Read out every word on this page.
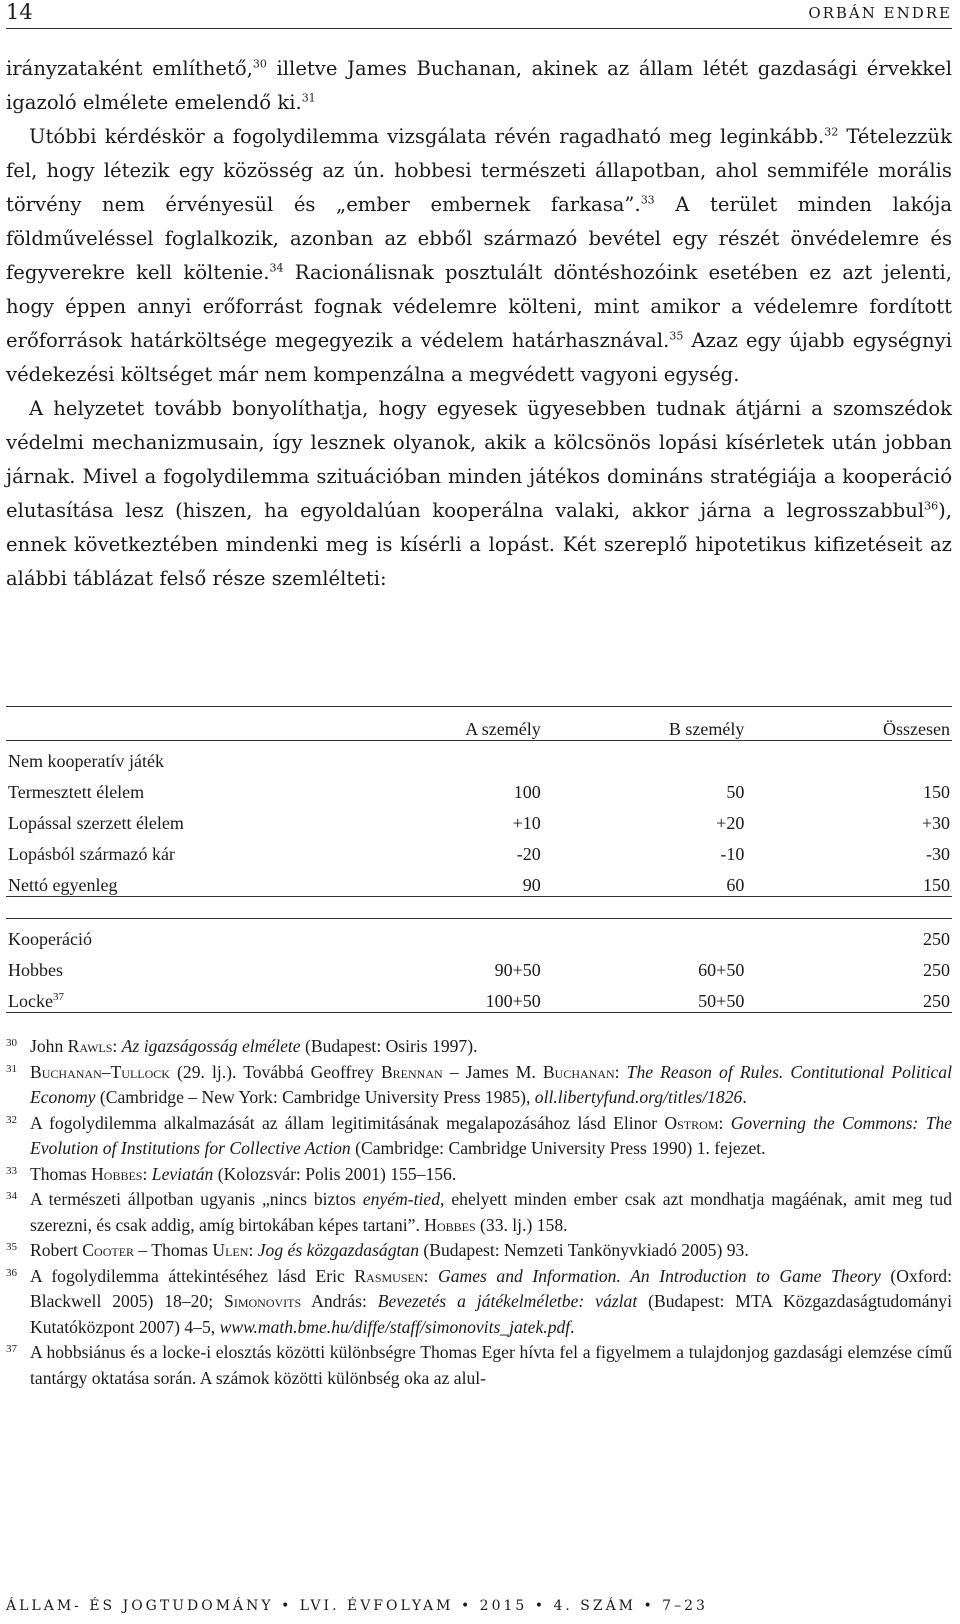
14	ORBÁN ENDRE

irányzataként említhető,$^{30}$ illetve James Buchanan, akinek az állam létét gazdasági érvekkel igazoló elmélete emelendő ki.$^{31}$

Utóbbi kérdéskör a fogolydilemma vizsgálata révén ragadható meg leginkább.$^{32}$ Tételezzük fel, hogy létezik egy közösség az ún. hobbesi természeti állapotban, ahol semmiféle morális törvény nem érvényesül és „ember embernek farkasa”.$^{33}$ A terület minden lakója földműveléssel foglalkozik, azonban az ebből származó bevétel egy részét önvédelemre és fegyverekre kell költenie.$^{34}$ Racionálisnak posztulált döntéshozóink esetében ez azt jelenti, hogy éppen annyi erőforrást fognak védelemre költeni, mint amikor a védelemre fordított erőforrások határköltsége megegyezik a védelem határhasznával.$^{35}$ Azaz egy újabb egységnyi védekezési költséget már nem kompenzálna a megvédett vagyoni egység.

A helyzetet tovább bonyolíthatja, hogy egyesek ügyesebben tudnak átjárni a szomszédok védelmi mechanizmusain, így lesznek olyanok, akik a kölcsönös lopási kísérletek után jobban járnak. Mivel a fogolydilemma szituációban minden játékos domináns stratégiája a kooperáció elutasítása lesz (hiszen, ha egyoldalúan kooperálna valaki, akkor járna a legrosszabbul$^{36}$), ennek következtében mindenki meg is kísérli a lopást. Két szereplő hipotetikus kifizetéseit az alábbi táblázat felső része szemlélteti:

	A személy	B személy	Összesen
Nem kooperatív játék			
Termesztett élelem	100	50	150
Lopással szerzett élelem	+10	+20	+30
Lopásból származó kár	-20	-10	-30
Nettó egyenleg	90	60	150

Kooperáció			250
Hobbes	90+50	60+50	250
Locke$^{37}$	100+50	50+50	250
30 John Rawls: Az igazságosság elmélete (Budapest: Osiris 1997).
31 Buchanan–Tullock (29. lj.). Továbbá Geoffrey Brennan – James M. Buchanan: The Reason of Rules. Contitutional Political Economy (Cambridge – New York: Cambridge University Press 1985), oll.libertyfund.org/titles/1826.
32 A fogolydilemma alkalmazását az állam legitimitásának megalapozásához lásd Elinor Ostrom: Governing the Commons: The Evolution of Institutions for Collective Action (Cambridge: Cambridge University Press 1990) 1. fejezet.
33 Thomas Hobbes: Leviatán (Kolozsvár: Polis 2001) 155–156.
34 A természeti állpotban ugyanis „nincs biztos enyém-tied, ehelyett minden ember csak azt mondhatja magáénak, amit meg tud szerezni, és csak addig, amíg birtokában képes tartani”. Hobbes (33. lj.) 158.
35 Robert Cooter – Thomas Ulen: Jog és közgazdaságtan (Budapest: Nemzeti Tankönyvkiadó 2005) 93.
36 A fogolydilemma áttekintéséhez lásd Eric Rasmusen: Games and Information. An Introduction to Game Theory (Oxford: Blackwell 2005) 18–20; Simonovits András: Bevezetés a játékelméletbe: vázlat (Budapest: MTA Közgazdaságtudományi Kutatóközpont 2007) 4–5, www.math.bme.hu/diffe/staff/simonovits_jatek.pdf.
37 A hobbsiánus és a locke-i elosztás közötti különbségre Thomas Eger hívta fel a figyelmem a tulajdonjog gazdasági elemzése című tantárgy oktatása során. A számok közötti különbség oka az alul-
ÁLLAM- ÉS JOGTUDOMÁNY • LVI. ÉVFOLYAM • 2015 • 4. SZÁM • 7–23
